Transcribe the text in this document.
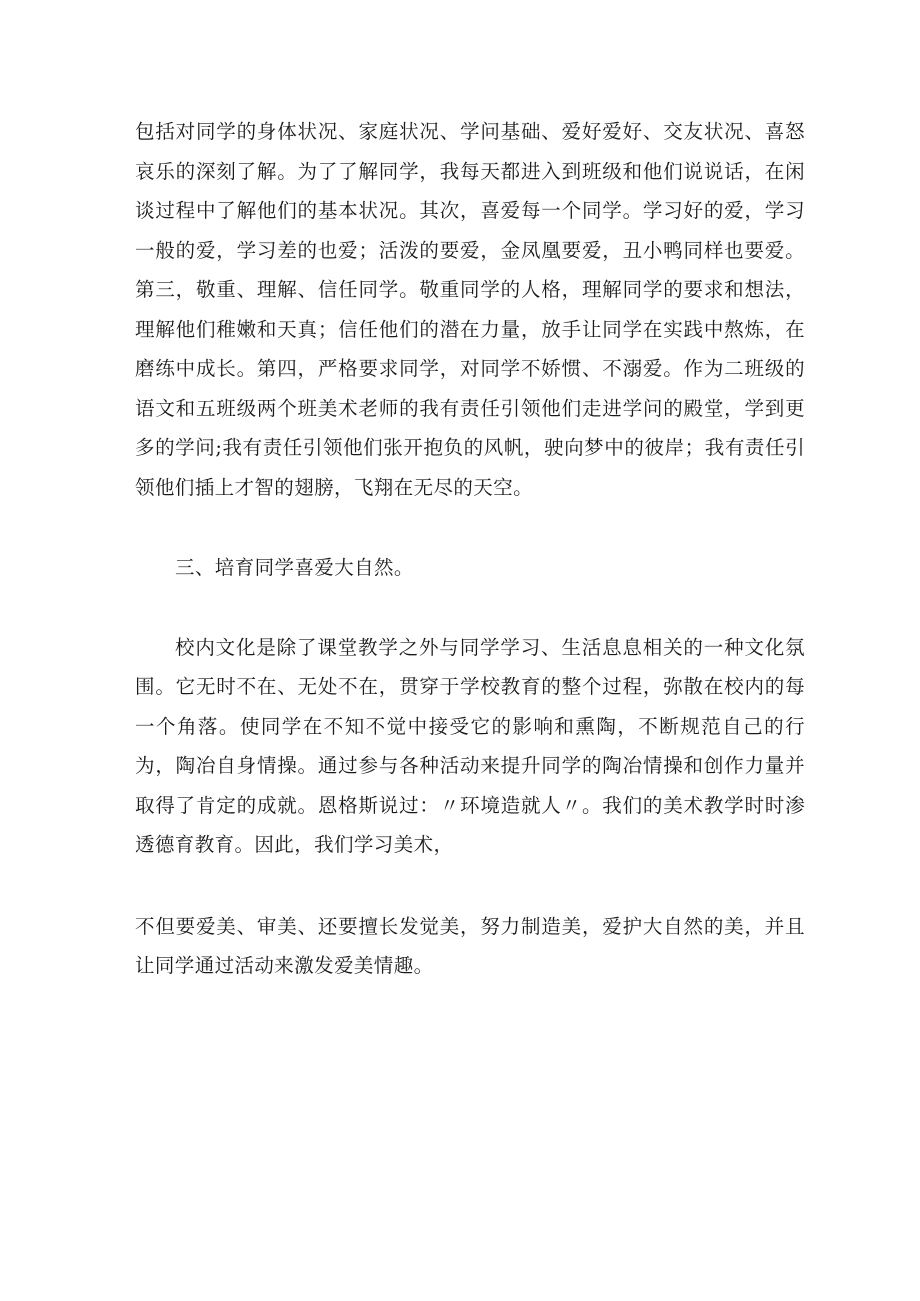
包括对同学的身体状况、家庭状况、学问基础、爱好爱好、交友状况、喜怒哀乐的深刻了解。为了了解同学，我每天都进入到班级和他们说说话，在闲谈过程中了解他们的基本状况。其次，喜爱每一个同学。学习好的爱，学习一般的爱，学习差的也爱；活泼的要爱，金凤凰要爱，丑小鸭同样也要爱。第三，敬重、理解、信任同学。敬重同学的人格，理解同学的要求和想法，理解他们稚嫩和天真；信任他们的潜在力量，放手让同学在实践中熬炼，在磨练中成长。第四，严格要求同学，对同学不娇惯、不溺爱。作为二班级的语文和五班级两个班美术老师的我有责任引领他们走进学问的殿堂，学到更多的学问;我有责任引领他们张开抱负的风帆，驶向梦中的彼岸；我有责任引领他们插上才智的翅膀，飞翔在无尽的天空。

三、培育同学喜爱大自然。

校内文化是除了课堂教学之外与同学学习、生活息息相关的一种文化氛围。它无时不在、无处不在，贯穿于学校教育的整个过程，弥散在校内的每一个角落。使同学在不知不觉中接受它的影响和熏陶，不断规范自己的行为，陶冶自身情操。通过参与各种活动来提升同学的陶冶情操和创作力量并取得了肯定的成就。恩格斯说过：〃环境造就人〃。我们的美术教学时时渗透德育教育。因此，我们学习美术，

不但要爱美、审美、还要擅长发觉美，努力制造美，爱护大自然的美，并且让同学通过活动来激发爱美情趣。
